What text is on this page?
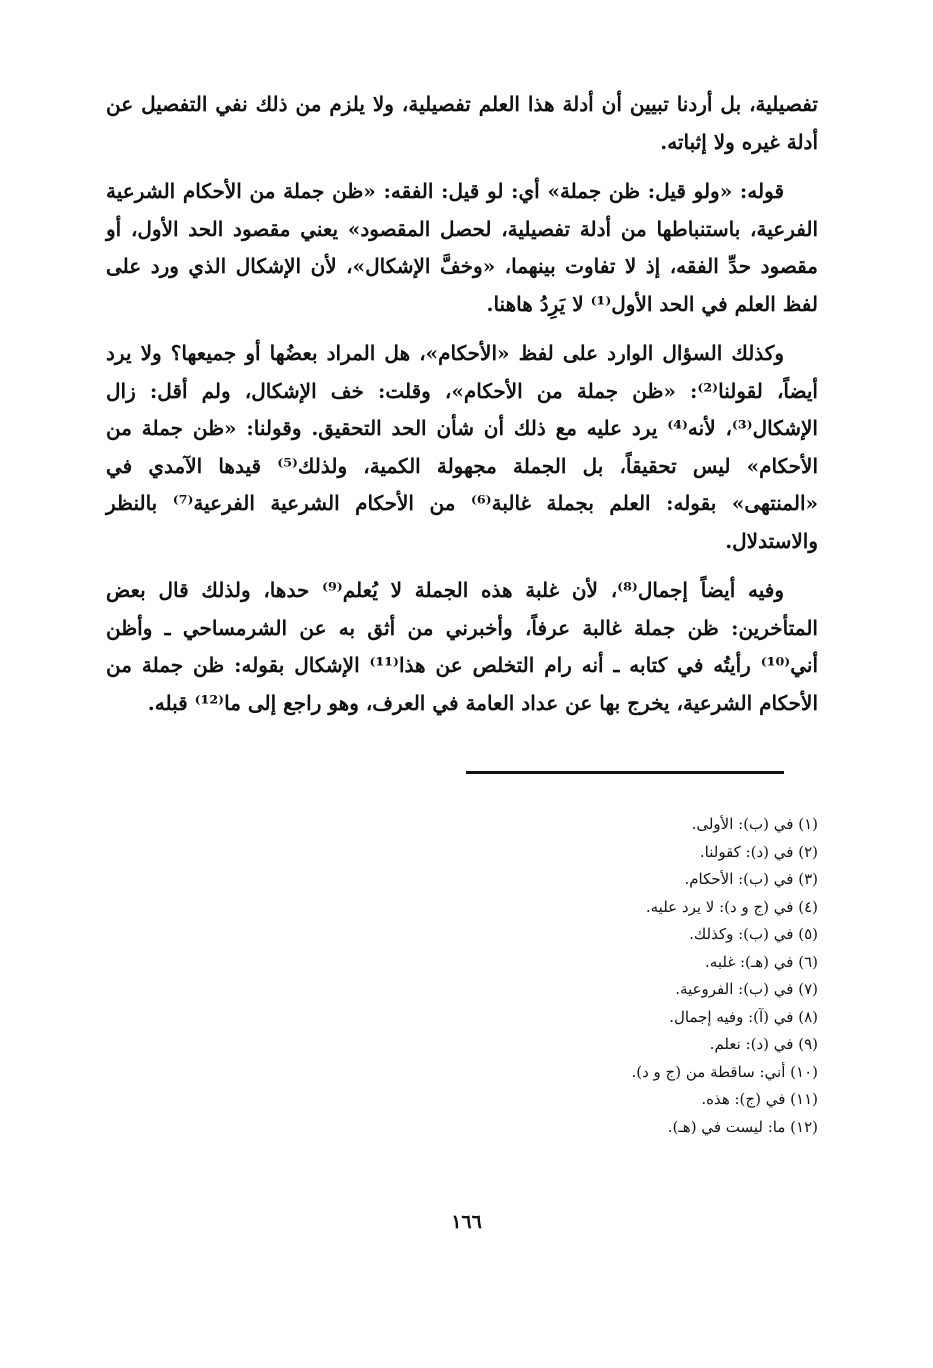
تفصيلية، بل أردنا تبيين أن أدلة هذا العلم تفصيلية، ولا يلزم من ذلك نفي التفصيل عن أدلة غيره ولا إثباته.

قوله: «ولو قيل: ظن جملة» أي: لو قيل: الفقه: «ظن جملة من الأحكام الشرعية الفرعية، باستنباطها من أدلة تفصيلية، لحصل المقصود» يعني مقصود الحد الأول، أو مقصود حدِّ الفقه، إذ لا تفاوت بينهما، «وخفَّ الإشكال»، لأن الإشكال الذي ورد على لفظ العلم في الحد الأول⁽¹⁾ لا يَرِدُ هاهنا.

وكذلك السؤال الوارد على لفظ «الأحكام»، هل المراد بعضُها أو جميعها؟ ولا يرد أيضاً، لقولنا⁽²⁾: «ظن جملة من الأحكام»، وقلت: خف الإشكال، ولم أقل: زال الإشكال⁽³⁾، لأنه⁽⁴⁾ يرد عليه مع ذلك أن شأن الحد التحقيق. وقولنا: «ظن جملة من الأحكام» ليس تحقيقاً، بل الجملة مجهولة الكمية، ولذلك⁽⁵⁾ قيدها الآمدي في «المنتهى» بقوله: العلم بجملة غالبة⁽⁶⁾ من الأحكام الشرعية الفرعية⁽⁷⁾ بالنظر والاستدلال.

وفيه أيضاً إجمال⁽⁸⁾، لأن غلبة هذه الجملة لا يُعلم⁽⁹⁾ حدها، ولذلك قال بعض المتأخرين: ظن جملة غالبة عرفاً، وأخبرني من أثق به عن الشرمساحي ـ وأظن أني⁽¹⁰⁾ رأيتُه في كتابه ـ أنه رام التخلص عن هذا⁽¹¹⁾ الإشكال بقوله: ظن جملة من الأحكام الشرعية، يخرج بها عن عداد العامة في العرف، وهو راجع إلى ما⁽¹²⁾ قبله.

(١) في (ب): الأولى.
(٢) في (د): كقولنا.
(٣) في (ب): الأحكام.
(٤) في (ج و د): لا يرد عليه.
(٥) في (ب): وكذلك.
(٦) في (هـ): غلبه.
(٧) في (ب): الفروعية.
(٨) في (آ): وفيه إجمال.
(٩) في (د): نعلم.
(١٠) أني: ساقطة من (ج و د).
(١١) في (ج): هذه.
(١٢) ما: ليست في (هـ).
١٦٦
